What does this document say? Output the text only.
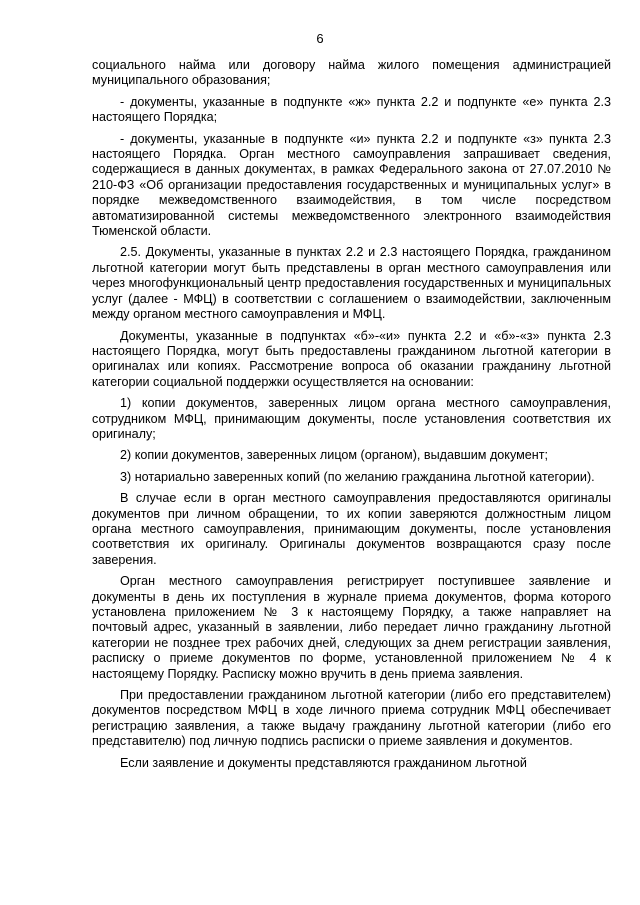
6

социального найма или договору найма жилого помещения администрацией муниципального образования;

- документы, указанные в подпункте «ж» пункта 2.2 и подпункте «е» пункта 2.3 настоящего Порядка;

- документы, указанные в подпункте «и» пункта 2.2 и подпункте «з» пункта 2.3 настоящего Порядка. Орган местного самоуправления запрашивает сведения, содержащиеся в данных документах, в рамках Федерального закона от 27.07.2010 № 210-ФЗ «Об организации предоставления государственных и муниципальных услуг» в порядке межведомственного взаимодействия, в том числе посредством автоматизированной системы межведомственного электронного взаимодействия Тюменской области.

2.5. Документы, указанные в пунктах 2.2 и 2.3 настоящего Порядка, гражданином льготной категории могут быть представлены в орган местного самоуправления или через многофункциональный центр предоставления государственных и муниципальных услуг (далее - МФЦ) в соответствии с соглашением о взаимодействии, заключенным между органом местного самоуправления и МФЦ.

Документы, указанные в подпунктах «б»-«и» пункта 2.2 и «б»-«з» пункта 2.3 настоящего Порядка, могут быть предоставлены гражданином льготной категории в оригиналах или копиях. Рассмотрение вопроса об оказании гражданину льготной категории социальной поддержки осуществляется на основании:

1) копии документов, заверенных лицом органа местного самоуправления, сотрудником МФЦ, принимающим документы, после установления соответствия их оригиналу;

2) копии документов, заверенных лицом (органом), выдавшим документ;

3) нотариально заверенных копий (по желанию гражданина льготной категории).

В случае если в орган местного самоуправления предоставляются оригиналы документов при личном обращении, то их копии заверяются должностным лицом органа местного самоуправления, принимающим документы, после установления соответствия их оригиналу. Оригиналы документов возвращаются сразу после заверения.

Орган местного самоуправления регистрирует поступившее заявление и документы в день их поступления в журнале приема документов, форма которого установлена приложением № 3 к настоящему Порядку, а также направляет на почтовый адрес, указанный в заявлении, либо передает лично гражданину льготной категории не позднее трех рабочих дней, следующих за днем регистрации заявления, расписку о приеме документов по форме, установленной приложением № 4 к настоящему Порядку. Расписку можно вручить в день приема заявления.

При предоставлении гражданином льготной категории (либо его представителем) документов посредством МФЦ в ходе личного приема сотрудник МФЦ обеспечивает регистрацию заявления, а также выдачу гражданину льготной категории (либо его представителю) под личную подпись расписки о приеме заявления и документов.

Если заявление и документы представляются гражданином льготной
